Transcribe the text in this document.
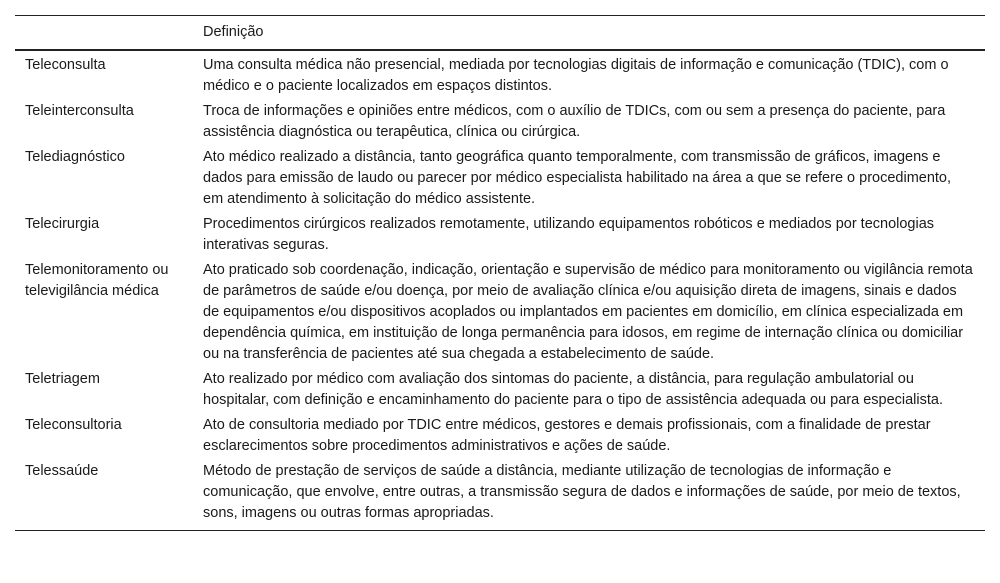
	Definição
Teleconsulta	Uma consulta médica não presencial, mediada por tecnologias digitais de informação e comunicação (TDIC), com o médico e o paciente localizados em espaços distintos.
Teleinterconsulta	Troca de informações e opiniões entre médicos, com o auxílio de TDICs, com ou sem a presença do paciente, para assistência diagnóstica ou terapêutica, clínica ou cirúrgica.
Telediagnóstico	Ato médico realizado a distância, tanto geográfica quanto temporalmente, com transmissão de gráficos, imagens e dados para emissão de laudo ou parecer por médico especialista habilitado na área a que se refere o procedimento, em atendimento à solicitação do médico assistente.
Telecirurgia	Procedimentos cirúrgicos realizados remotamente, utilizando equipamentos robóticos e mediados por tecnologias interativas seguras.
Telemonitoramento ou televigilância médica	Ato praticado sob coordenação, indicação, orientação e supervisão de médico para monitoramento ou vigilância remota de parâmetros de saúde e/ou doença, por meio de avaliação clínica e/ou aquisição direta de imagens, sinais e dados de equipamentos e/ou dispositivos acoplados ou implantados em pacientes em domicílio, em clínica especializada em dependência química, em instituição de longa permanência para idosos, em regime de internação clínica ou domiciliar ou na transferência de pacientes até sua chegada a estabelecimento de saúde.
Teletriagem	Ato realizado por médico com avaliação dos sintomas do paciente, a distância, para regulação ambulatorial ou hospitalar, com definição e encaminhamento do paciente para o tipo de assistência adequada ou para especialista.
Teleconsultoria	Ato de consultoria mediado por TDIC entre médicos, gestores e demais profissionais, com a finalidade de prestar esclarecimentos sobre procedimentos administrativos e ações de saúde.
Telessaúde	Método de prestação de serviços de saúde a distância, mediante utilização de tecnologias de informação e comunicação, que envolve, entre outras, a transmissão segura de dados e informações de saúde, por meio de textos, sons, imagens ou outras formas apropriadas.
